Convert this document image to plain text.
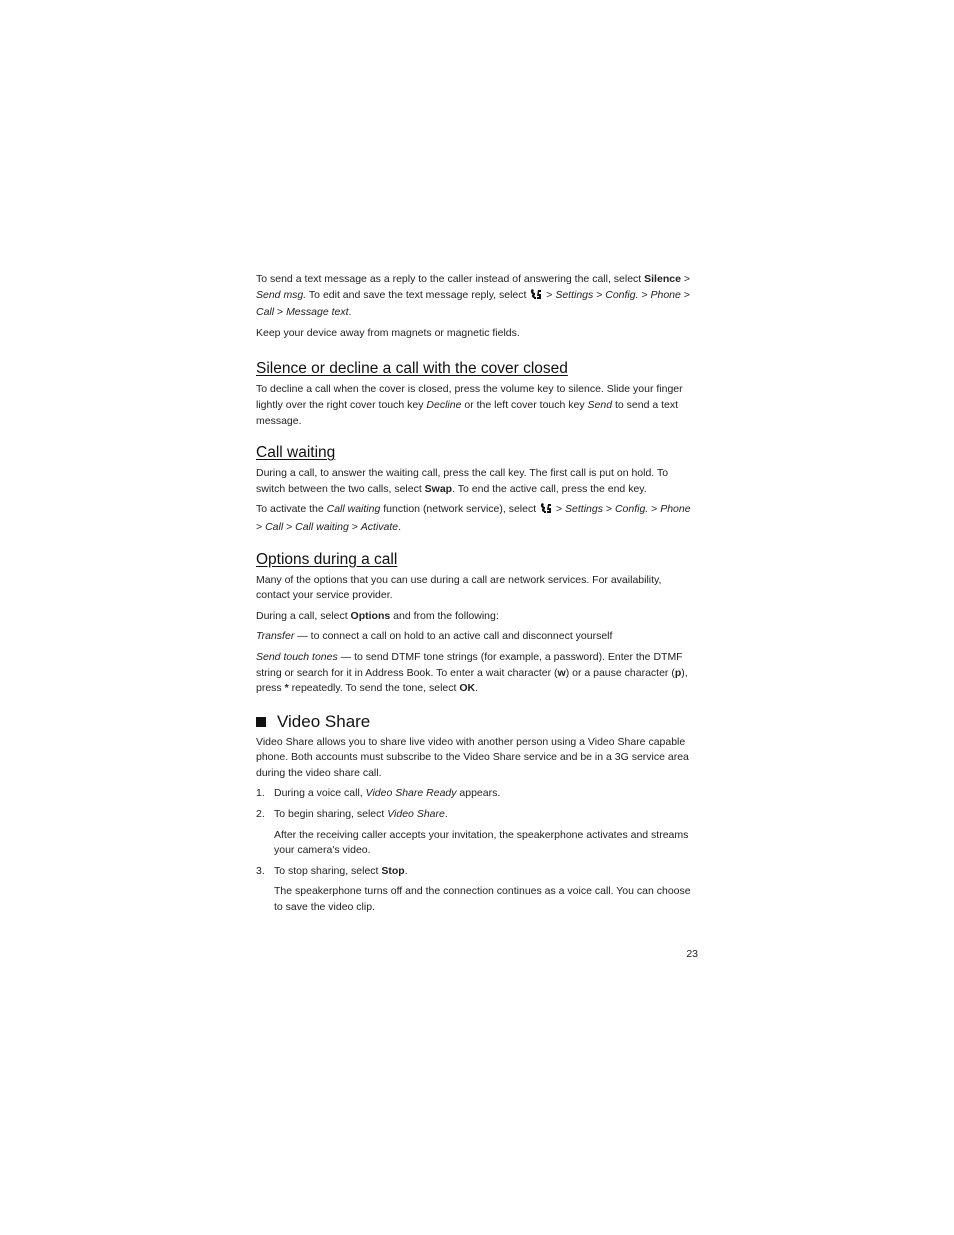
To send a text message as a reply to the caller instead of answering the call, select Silence > Send msg. To edit and save the text message reply, select  > Settings > Config. > Phone > Call > Message text.

Keep your device away from magnets or magnetic fields.

Silence or decline a call with the cover closed

To decline a call when the cover is closed, press the volume key to silence. Slide your finger lightly over the right cover touch key Decline or the left cover touch key Send to send a text message.

Call waiting

During a call, to answer the waiting call, press the call key. The first call is put on hold. To switch between the two calls, select Swap. To end the active call, press the end key.

To activate the Call waiting function (network service), select  > Settings > Config. > Phone > Call > Call waiting > Activate.

Options during a call

Many of the options that you can use during a call are network services. For availability, contact your service provider.

During a call, select Options and from the following:

Transfer — to connect a call on hold to an active call and disconnect yourself

Send touch tones — to send DTMF tone strings (for example, a password). Enter the DTMF string or search for it in Address Book. To enter a wait character (w) or a pause character (p), press * repeatedly. To send the tone, select OK.

Video Share

Video Share allows you to share live video with another person using a Video Share capable phone. Both accounts must subscribe to the Video Share service and be in a 3G service area during the video share call.

1. During a voice call, Video Share Ready appears.
2. To begin sharing, select Video Share.

After the receiving caller accepts your invitation, the speakerphone activates and streams your camera's video.

3. To stop sharing, select Stop.

The speakerphone turns off and the connection continues as a voice call. You can choose to save the video clip.

23
